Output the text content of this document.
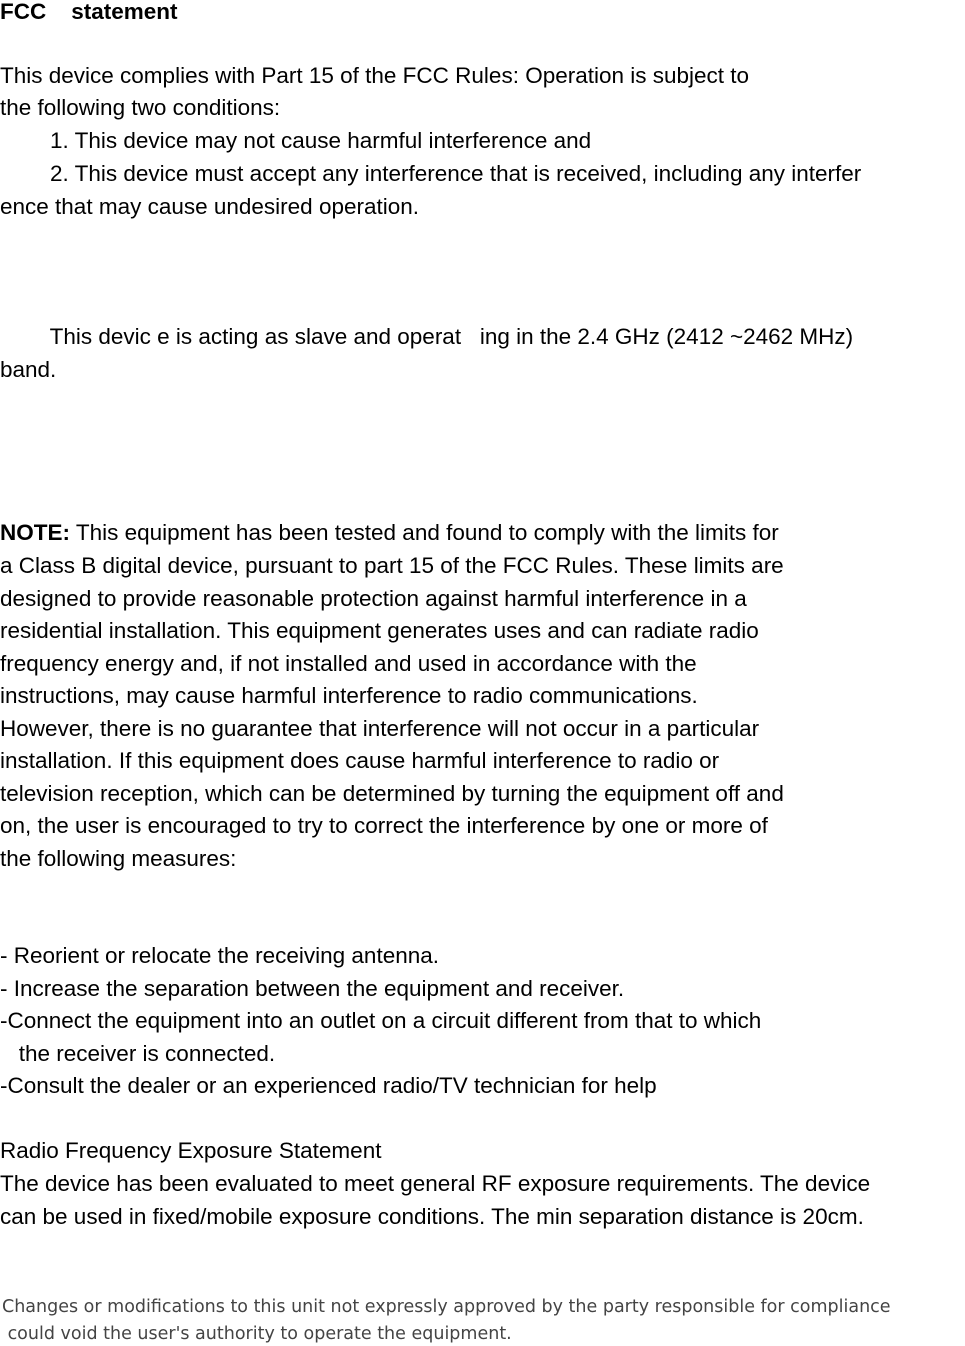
FCC    statement
This device complies with Part 15 of the FCC Rules: Operation is subject to
the following two conditions:
1. This device may not cause harmful interference and
2. This device must accept any interference that is received, including any interfer
ence that may cause undesired operation.
This devic e is acting as slave and operat   ing in the 2.4 GHz (2412 ~2462 MHz)
band.
NOTE: This equipment has been tested and found to comply with the limits for
a Class B digital device, pursuant to part 15 of the FCC Rules. These limits are
designed to provide reasonable protection against harmful interference in a
residential installation. This equipment generates uses and can radiate radio
frequency energy and, if not installed and used in accordance with the
instructions, may cause harmful interference to radio communications.
However, there is no guarantee that interference will not occur in a particular
installation. If this equipment does cause harmful interference to radio or
television reception, which can be determined by turning the equipment off and
on, the user is encouraged to try to correct the interference by one or more of
the following measures:
- Reorient or relocate the receiving antenna.
- Increase the separation between the equipment and receiver.
-Connect the equipment into an outlet on a circuit different from that to which
the receiver is connected.
-Consult the dealer or an experienced radio/TV technician for help
Radio Frequency Exposure Statement
The device has been evaluated to meet general RF exposure requirements. The device
can be used in fixed/mobile exposure conditions. The min separation distance is 20cm.
Changes or modifications to this unit not expressly approved by the party responsible for compliance
could void the user's authority to operate the equipment.
